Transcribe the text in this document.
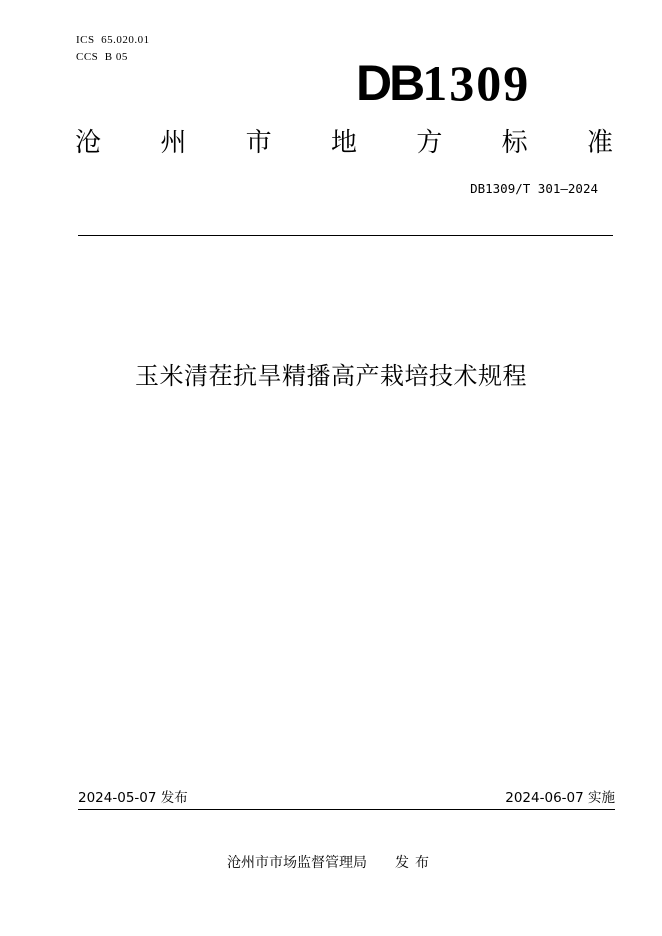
ICS  65.020.01
CCS  B 05	DB1309
沧 州 市 地 方 标 准
DB1309/T 301—2024
玉米清茬抗旱精播高产栽培技术规程
2024-05-07 发布	2024-06-07 实施
沧州市市场监督管理局 发布
